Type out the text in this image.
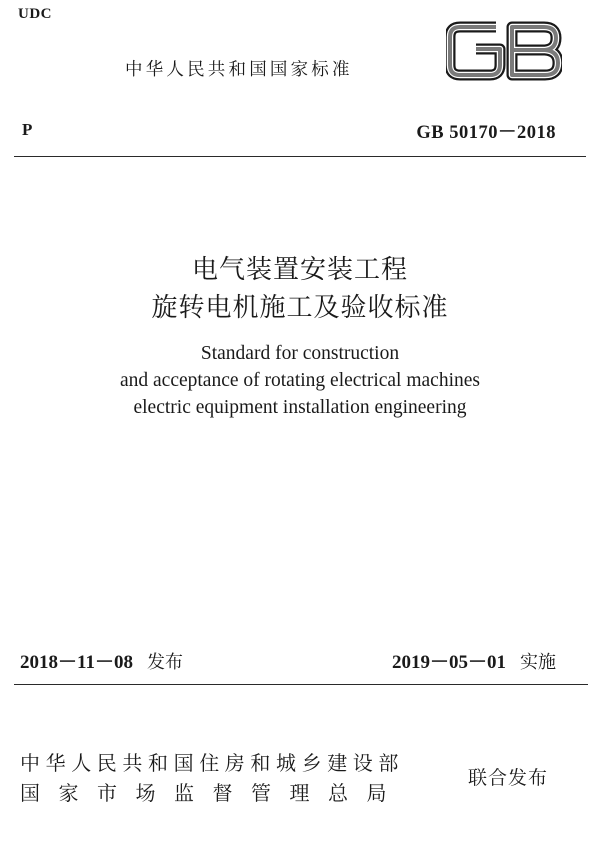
UDC
中华人民共和国国家标准
P	GB 50170－2018
电气装置安装工程
旋转电机施工及验收标准
Standard for construction
and acceptance of rotating electrical machines
electric equipment installation engineering
2018－11－08 发布	2019－05－01 实施
中华人民共和国住房和城乡建设部
国家市场监督管理总局
联合发布
